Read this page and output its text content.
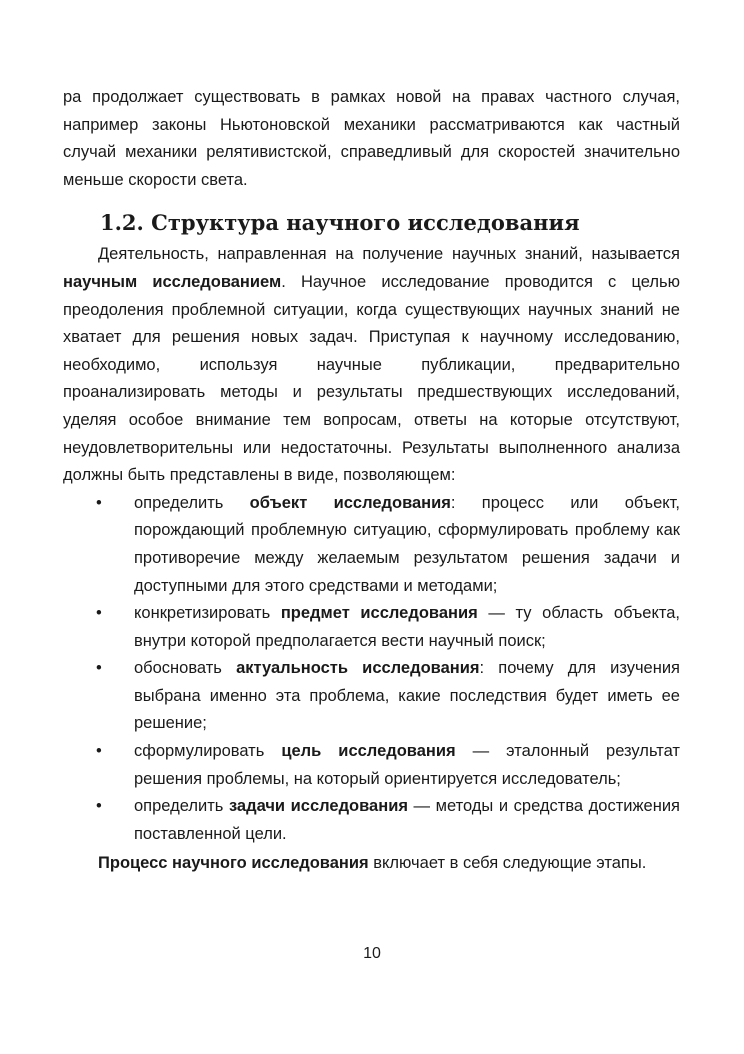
ра продолжает существовать в рамках новой на правах частного случая, например законы Ньютоновской механики рассматриваются как частный случай механики релятивистской, справедливый для скоростей значительно меньше скорости света.

1.2. Структура научного исследования

Деятельность, направленная на получение научных знаний, называется научным исследованием. Научное исследование проводится с целью преодоления проблемной ситуации, когда существующих научных знаний не хватает для решения новых задач. Приступая к научному исследованию, необходимо, используя научные публикации, предварительно проанализировать методы и результаты предшествующих исследований, уделяя особое внимание тем вопросам, ответы на которые отсутствуют, неудовлетворительны или недостаточны. Результаты выполненного анализа должны быть представлены в виде, позволяющем:

• определить объект исследования: процесс или объект, порождающий проблемную ситуацию, сформулировать проблему как противоречие между желаемым результатом решения задачи и доступными для этого средствами и методами;
• конкретизировать предмет исследования — ту область объекта, внутри которой предполагается вести научный поиск;
• обосновать актуальность исследования: почему для изучения выбрана именно эта проблема, какие последствия будет иметь ее решение;
• сформулировать цель исследования — эталонный результат решения проблемы, на который ориентируется исследователь;
• определить задачи исследования — методы и средства достижения поставленной цели.

Процесс научного исследования включает в себя следующие этапы.

10
